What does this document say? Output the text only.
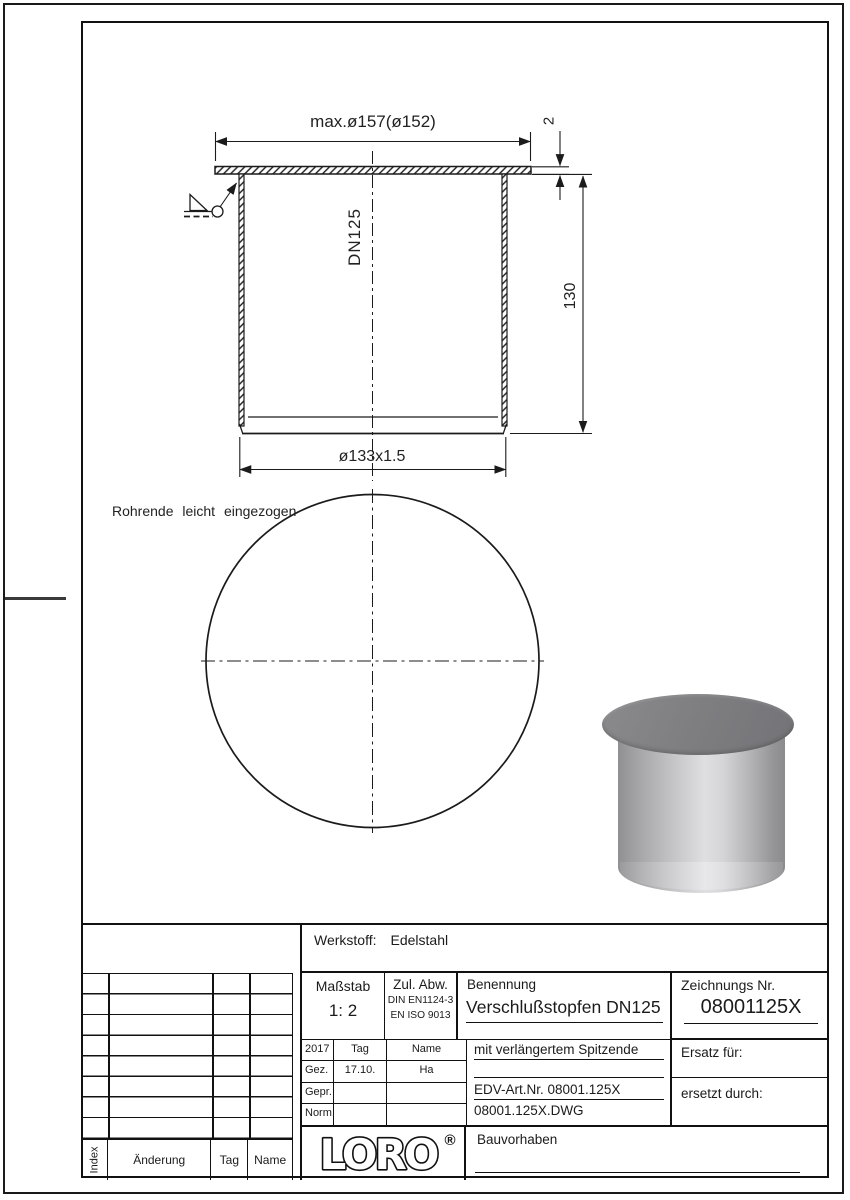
max.ø157(ø152)	2
DN125
130
ø133x1.5
Rohrende leicht eingezogen
Werkstoff: Edelstahl
Index	Änderung	Tag	Name
Maßstab
1: 2
Zul. Abw.
DIN EN1124-3
EN ISO 9013
Benennung
Verschlußstopfen DN125
Zeichnungs Nr.
08001125X
2017	Tag	Name
Gez.	17.10.	Ha
Gepr.
Norm.
mit verlängertem Spitzende
EDV-Art.Nr. 08001.125X
08001.125X.DWG
Ersatz für:
ersetzt durch:
LORO ® Bauvorhaben
